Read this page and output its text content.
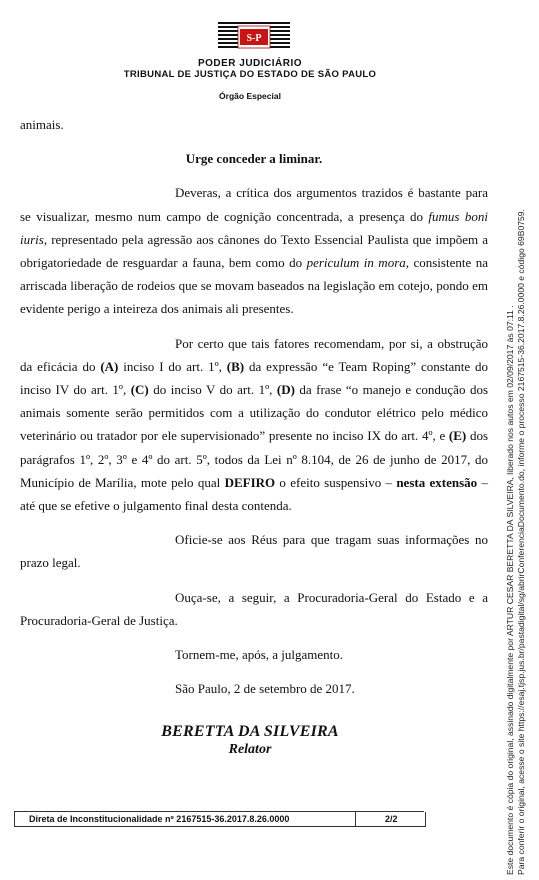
S-P
PODER JUDICIÁRIO
TRIBUNAL DE JUSTIÇA DO ESTADO DE SÃO PAULO
Órgão Especial

animais.

Urge conceder a liminar.

Deveras, a crítica dos argumentos trazidos é bastante para se visualizar, mesmo num campo de cognição concentrada, a presença do fumus boni iuris, representado pela agressão aos cânones do Texto Essencial Paulista que impõem a obrigatoriedade de resguardar a fauna, bem como do periculum in mora, consistente na arriscada liberação de rodeios que se movam baseados na legislação em cotejo, pondo em evidente perigo a inteireza dos animais ali presentes.

Por certo que tais fatores recomendam, por si, a obstrução da eficácia do (A) inciso I do art. 1º, (B) da expressão “e Team Roping” constante do inciso IV do art. 1º, (C) do inciso V do art. 1º, (D) da frase “o manejo e condução dos animais somente serão permitidos com a utilização do condutor elétrico pelo médico veterinário ou tratador por ele supervisionado” presente no inciso IX do art. 4º, e (E) dos parágrafos 1º, 2º, 3º e 4º do art. 5º, todos da Lei nº 8.104, de 26 de junho de 2017, do Município de Marília, mote pelo qual DEFIRO o efeito suspensivo – nesta extensão – até que se efetive o julgamento final desta contenda.

Oficie-se aos Réus para que tragam suas informações no prazo legal.

Ouça-se, a seguir, a Procuradoria-Geral do Estado e a Procuradoria-Geral de Justiça.

Tornem-me, após, a julgamento.

São Paulo, 2 de setembro de 2017.

BERETTA DA SILVEIRA
Relator
Direta de Inconstitucionalidade nº 2167515-36.2017.8.26.0000	2/2	Este documento é cópia do original, assinado digitalmente por ARTUR CESAR BERETTA DA SILVEIRA, liberado nos autos em 02/09/2017 às 07:11 . Para conferir o original, acesse o site https://esaj.tjsp.jus.br/pastadigital/sg/abrirConferenciaDocumento.do, informe o processo 2167515-36.2017.8.26.0000 e código 69B0759.
